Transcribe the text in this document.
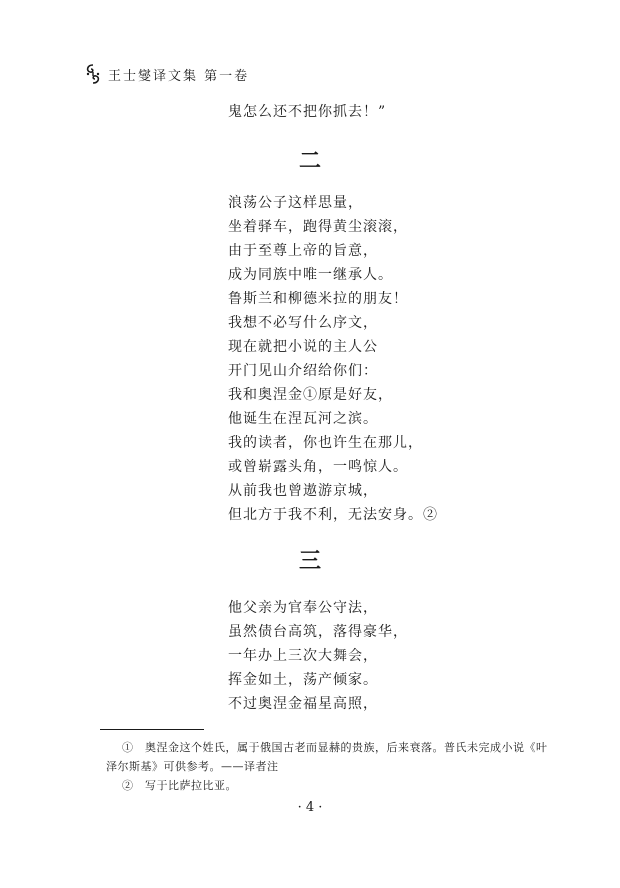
王士燮译文集 第一卷
鬼怎么还不把你抓去！”
二
浪荡公子这样思量，
坐着驿车，跑得黄尘滚滚，
由于至尊上帝的旨意，
成为同族中唯一继承人。
鲁斯兰和柳德米拉的朋友！
我想不必写什么序文，
现在就把小说的主人公
开门见山介绍给你们：
我和奥涅金①原是好友，
他诞生在涅瓦河之滨。
我的读者，你也许生在那儿，
或曾崭露头角，一鸣惊人。
从前我也曾遨游京城，
但北方于我不利，无法安身。②
三
他父亲为官奉公守法，
虽然债台高筑，落得豪华，
一年办上三次大舞会，
挥金如土，荡产倾家。
不过奥涅金福星高照，
①　奥涅金这个姓氏，属于俄国古老而显赫的贵族，后来衰落。普氏未完成小说《叶
泽尔斯基》可供参考。——译者注
②　写于比萨拉比亚。
· 4 ·
